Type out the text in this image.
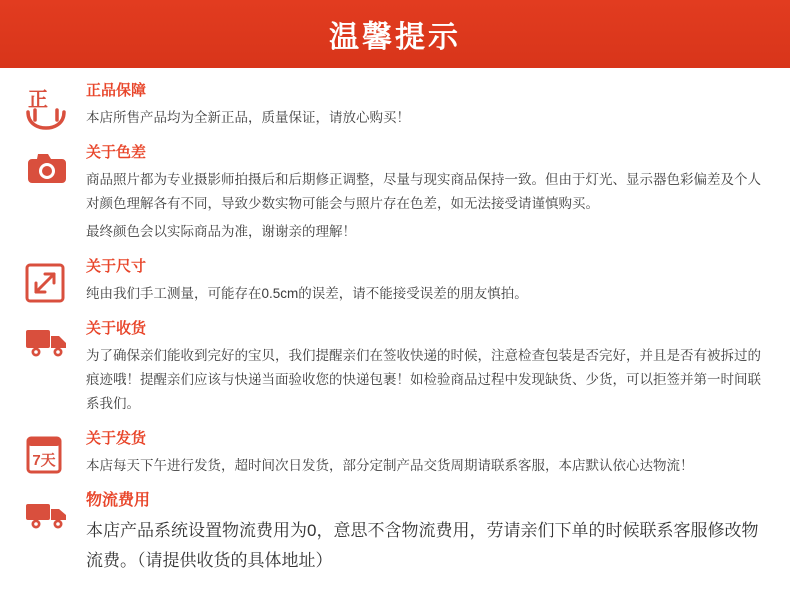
温馨提示
正	正品保障

本店所售产品均为全新正品，质量保证，请放心购买！

关于色差

商品照片都为专业摄影师拍摄后和后期修正调整，尽量与现实商品保持一致。但由于灯光、显示器色彩偏差及个人对颜色理解各有不同，导致少数实物可能会与照片存在色差，如无法接受请谨慎购买。

最终颜色会以实际商品为准，谢谢亲的理解！

关于尺寸

纯由我们手工测量，可能存在0.5cm的误差，请不能接受误差的朋友慎拍。

关于收货

为了确保亲们能收到完好的宝贝，我们提醒亲们在签收快递的时候，注意检查包装是否完好，并且是否有被拆过的痕迹哦！提醒亲们应该与快递当面验收您的快递包裹！如检验商品过程中发现缺货、少货，可以拒签并第一时间联系我们。

7天

关于发货

本店每天下午进行发货，超时间次日发货，部分定制产品交货周期请联系客服，本店默认依心达物流！

物流费用

本店产品系统设置物流费用为0，意思不含物流费用，劳请亲们下单的时候联系客服修改物流费。（请提供收货的具体地址）
